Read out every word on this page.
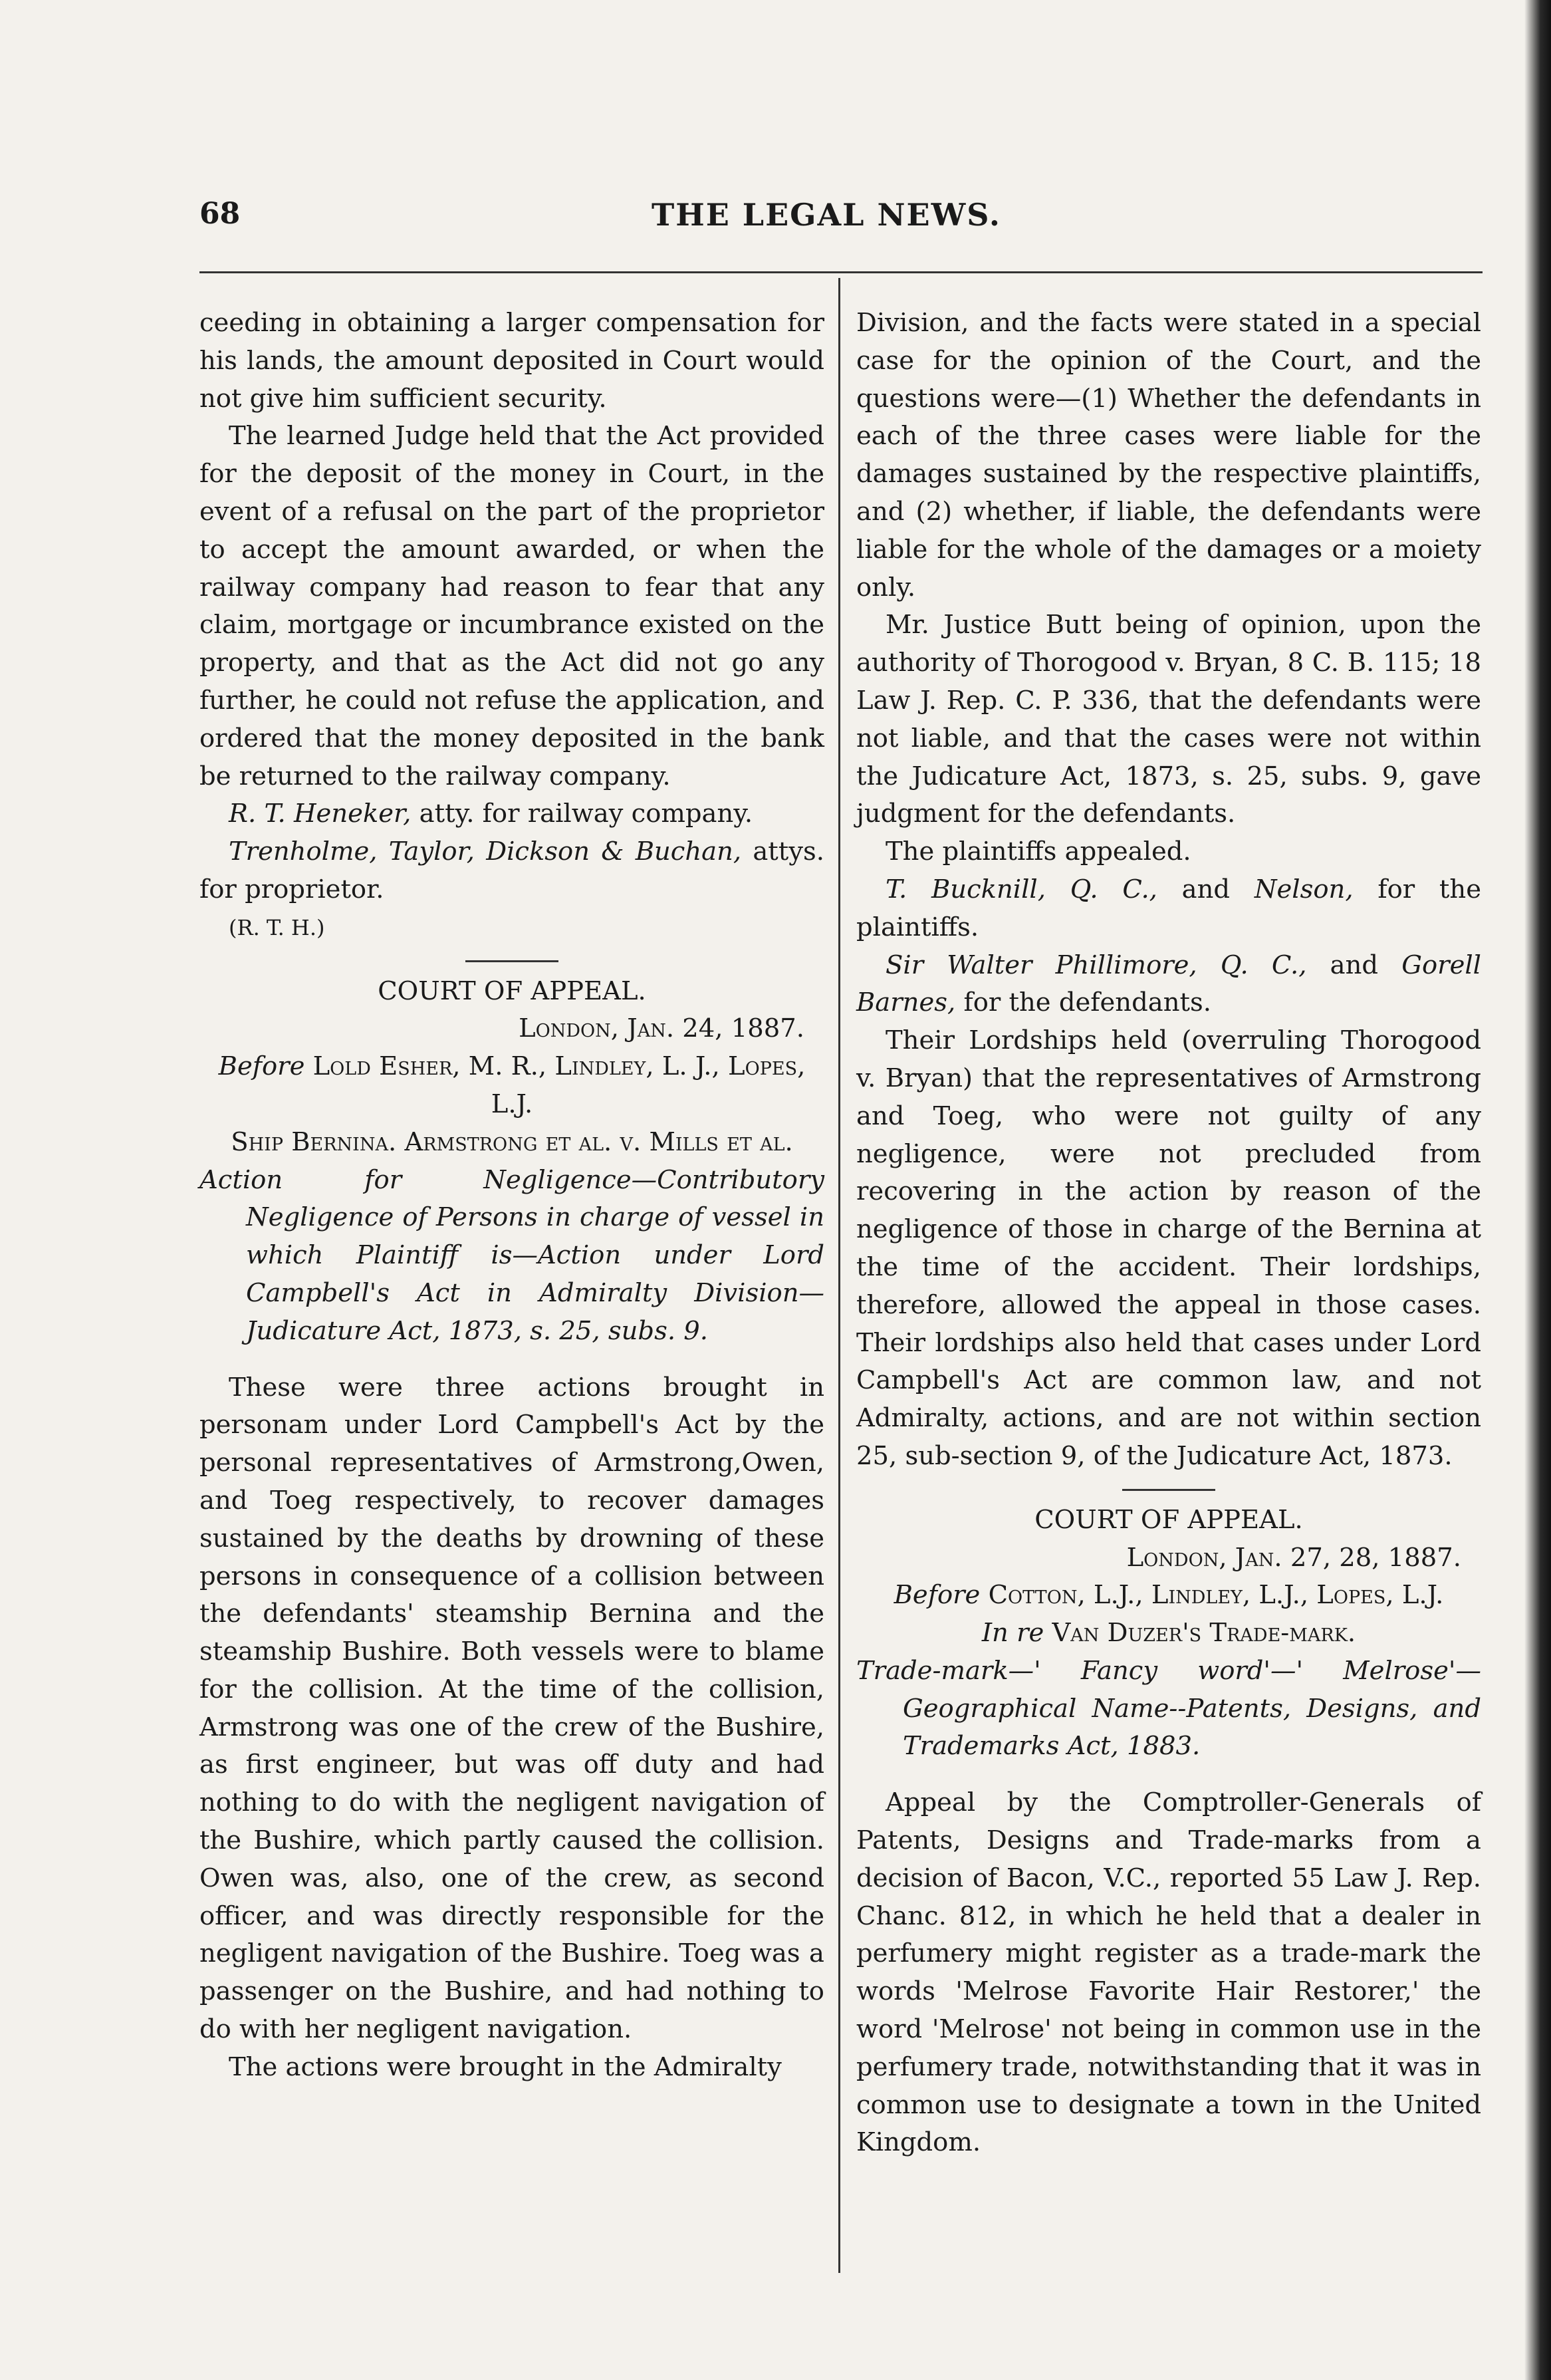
68	THE LEGAL NEWS.

ceeding in obtaining a larger compensation for his lands, the amount deposited in Court would not give him sufficient security.

The learned Judge held that the Act provided for the deposit of the money in Court, in the event of a refusal on the part of the proprietor to accept the amount awarded, or when the railway company had reason to fear that any claim, mortgage or incumbrance existed on the property, and that as the Act did not go any further, he could not refuse the application, and ordered that the money deposited in the bank be returned to the railway company.

R. T. Heneker, atty. for railway company.

Trenholme, Taylor, Dickson & Buchan, attys. for proprietor.

(R. T. H.)

COURT OF APPEAL.

London, Jan. 24, 1887.

Before Lold Esher, M. R., Lindley, L. J., Lopes, L.J.

Ship Bernina. Armstrong et al. v. Mills et al.

Action for Negligence—Contributory Negligence of Persons in charge of vessel in which Plaintiff is—Action under Lord Campbell's Act in Admiralty Division—Judicature Act, 1873, s. 25, subs. 9.

These were three actions brought in personam under Lord Campbell's Act by the personal representatives of Armstrong,Owen, and Toeg respectively, to recover damages sustained by the deaths by drowning of these persons in consequence of a collision between the defendants' steamship Bernina and the steamship Bushire. Both vessels were to blame for the collision. At the time of the collision, Armstrong was one of the crew of the Bushire, as first engineer, but was off duty and had nothing to do with the negligent navigation of the Bushire, which partly caused the collision. Owen was, also, one of the crew, as second officer, and was directly responsible for the negligent navigation of the Bushire. Toeg was a passenger on the Bushire, and had nothing to do with her negligent navigation.

The actions were brought in the Admiralty

Division, and the facts were stated in a special case for the opinion of the Court, and the questions were—(1) Whether the defendants in each of the three cases were liable for the damages sustained by the respective plaintiffs, and (2) whether, if liable, the defendants were liable for the whole of the damages or a moiety only.

Mr. Justice Butt being of opinion, upon the authority of Thorogood v. Bryan, 8 C. B. 115; 18 Law J. Rep. C. P. 336, that the defendants were not liable, and that the cases were not within the Judicature Act, 1873, s. 25, subs. 9, gave judgment for the defendants.

The plaintiffs appealed.

T. Bucknill, Q. C., and Nelson, for the plaintiffs.

Sir Walter Phillimore, Q. C., and Gorell Barnes, for the defendants.

Their Lordships held (overruling Thorogood v. Bryan) that the representatives of Armstrong and Toeg, who were not guilty of any negligence, were not precluded from recovering in the action by reason of the negligence of those in charge of the Bernina at the time of the accident. Their lordships, therefore, allowed the appeal in those cases. Their lordships also held that cases under Lord Campbell's Act are common law, and not Admiralty, actions, and are not within section 25, sub-section 9, of the Judicature Act, 1873.

COURT OF APPEAL.

London, Jan. 27, 28, 1887.

Before Cotton, L.J., Lindley, L.J., Lopes, L.J.

In re Van Duzer's Trade-mark.

Trade-mark—' Fancy word'—' Melrose'—Geographical Name--Patents, Designs, and Trademarks Act, 1883.

Appeal by the Comptroller-Generals of Patents, Designs and Trade-marks from a decision of Bacon, V.C., reported 55 Law J. Rep. Chanc. 812, in which he held that a dealer in perfumery might register as a trade-mark the words 'Melrose Favorite Hair Restorer,' the word 'Melrose' not being in common use in the perfumery trade, notwithstanding that it was in common use to designate a town in the United Kingdom.
